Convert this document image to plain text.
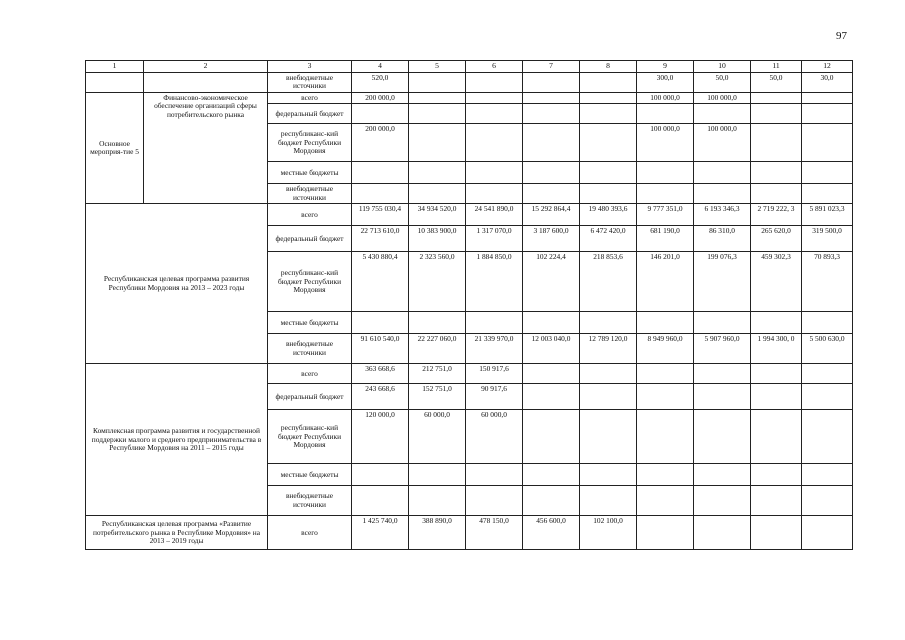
97
1	2	3	4	5	6	7	8	9	10	11	12
		внебюджетные источники	520,0					300,0	50,0	50,0	30,0
Основное мероприя-тие 5	Финансово-экономическое обеспечение организаций сферы потребительского рынка	всего	200 000,0					100 000,0	100 000,0		
		федеральный бюджет									
		республиканс-кий бюджет Республики Мордовия	200 000,0					100 000,0	100 000,0		
		местные бюджеты									
		внебюджетные источники									
Республиканская целевая программа развития Республики Мордовия на 2013 – 2023 годы		всего	119 755 030,4	34 934 520,0	24 541 890,0	15 292 864,4	19 480 393,6	9 777 351,0	6 193 346,3	2 719 222, 3	5 891 023,3
		федеральный бюджет	22 713 610,0	10 383 900,0	1 317 070,0	3 187 600,0	6 472 420,0	681 190,0	86 310,0	265 620,0	319 500,0
		республиканс-кий бюджет Республики Мордовия	5 430 880,4	2 323 560,0	1 884 850,0	102 224,4	218 853,6	146 201,0	199 076,3	459 302,3	70 893,3
		местные бюджеты									
		внебюджетные источники	91 610 540,0	22 227 060,0	21 339 970,0	12 003 040,0	12 789 120,0	8 949 960,0	5 907 960,0	1 994 300, 0	5 500 630,0
Комплексная программа развития и государственной поддержки малого и среднего предпринимательства в Республике Мордовия на 2011 – 2015 годы		всего	363 668,6	212 751,0	150 917,6						
		федеральный бюджет	243 668,6	152 751,0	90 917,6						
		республиканс-кий бюджет Республики Мордовия	120 000,0	60 000,0	60 000,0						
		местные бюджеты									
		внебюджетные источники									
Республиканская целевая программа «Развитие потребительского рынка в Республике Мордовия» на 2013 – 2019 годы		всего	1 425 740,0	388 890,0	478 150,0	456 600,0	102 100,0				
